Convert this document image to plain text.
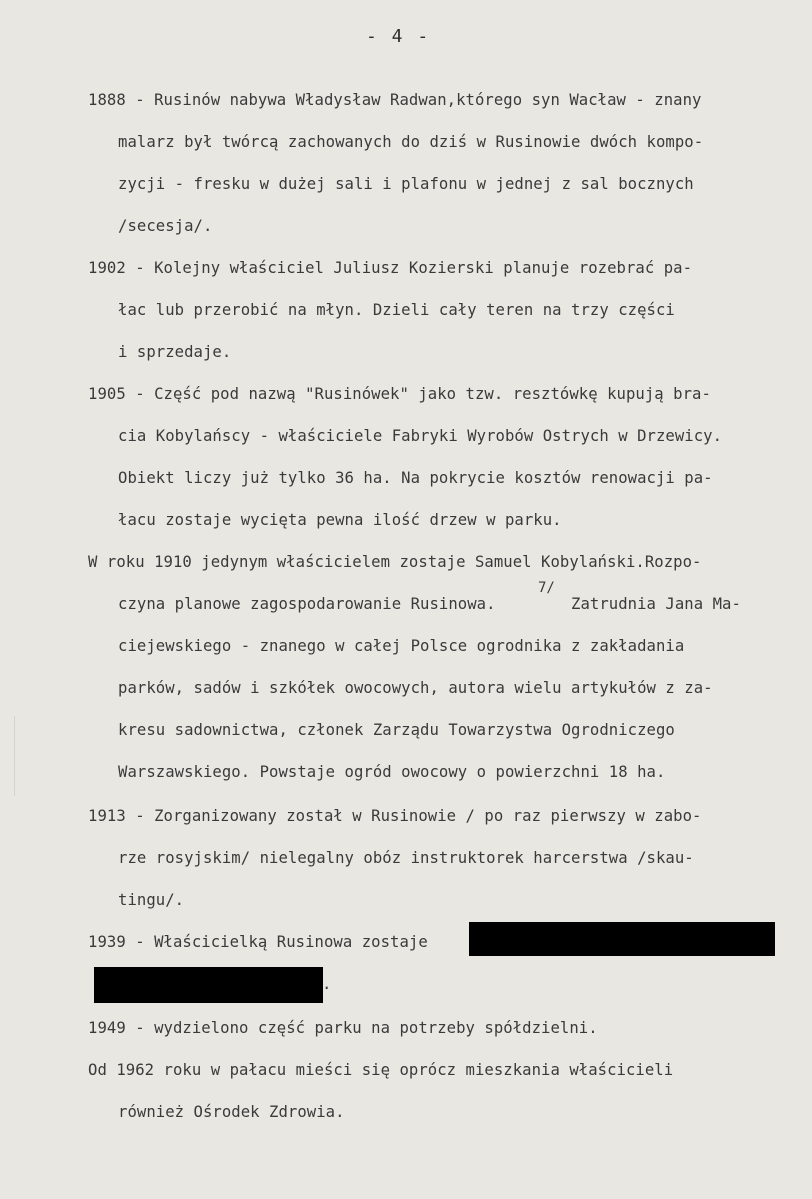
- 4 -
1888 - Rusinów nabywa Władysław Radwan,którego syn Wacław - znany
malarz był twórcą zachowanych do dziś w Rusinowie dwóch kompo-
zycji - fresku w dużej sali i plafonu w jednej z sal bocznych
/secesja/.
1902 - Kolejny właściciel Juliusz Kozierski planuje rozebrać pa-
łac lub przerobić na młyn. Dzieli cały teren na trzy części
i sprzedaje.
1905 - Część pod nazwą "Rusinówek" jako tzw. resztówkę kupują bra-
cia Kobylańscy - właściciele Fabryki Wyrobów Ostrych w Drzewicy.
Obiekt liczy już tylko 36 ha. Na pokrycie kosztów renowacji pa-
łacu zostaje wycięta pewna ilość drzew w parku.
W roku 1910 jedynym właścicielem zostaje Samuel Kobylański.Rozpo-
czyna planowe zagospodarowanie Rusinowa.
7/
Zatrudnia Jana Ma-
ciejewskiego - znanego w całej Polsce ogrodnika z zakładania
parków, sadów i szkółek owocowych, autora wielu artykułów z za-
kresu sadownictwa, członek Zarządu Towarzystwa Ogrodniczego
Warszawskiego. Powstaje ogród owocowy o powierzchni 18 ha.
1913 - Zorganizowany został w Rusinowie / po raz pierwszy w zabo-
rze rosyjskim/ nielegalny obóz instruktorek harcerstwa /skau-
tingu/.
1939 - Właścicielką Rusinowa zostaje
.
1949 - wydzielono część parku na potrzeby spółdzielni.
Od 1962 roku w pałacu mieści się oprócz mieszkania właścicieli
również Ośrodek Zdrowia.
